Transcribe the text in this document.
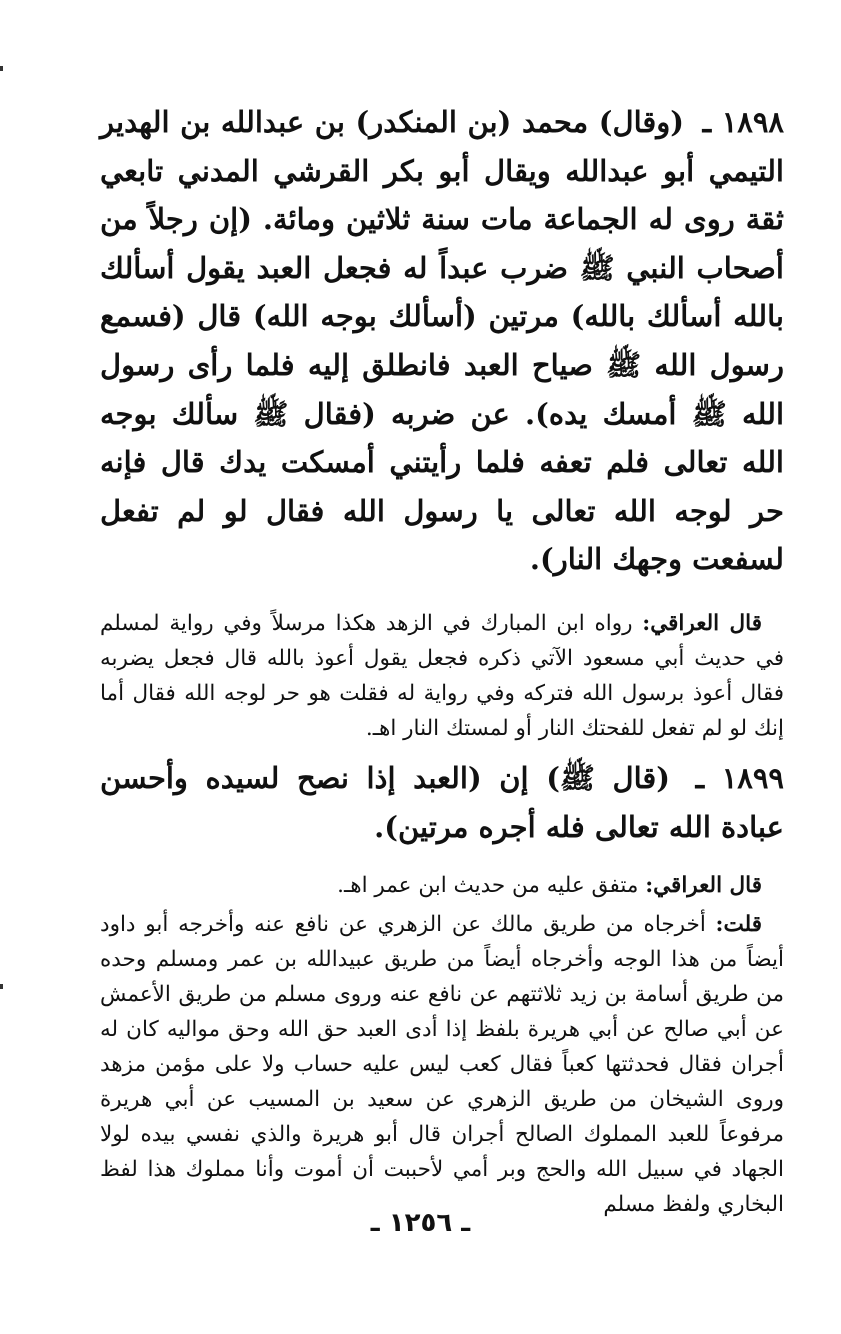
١٨٩٨ ـ (وقال) محمد (بن المنكدر) بن عبدالله بن الهدير التيمي أبو عبدالله ويقال أبو بكر القرشي المدني تابعي ثقة روى له الجماعة مات سنة ثلاثين ومائة. (إن رجلاً من أصحاب النبي ﷺ ضرب عبداً له فجعل العبد يقول أسألك بالله أسألك بالله) مرتين (أسألك بوجه الله) قال (فسمع رسول الله ﷺ صياح العبد فانطلق إليه فلما رأى رسول الله ﷺ أمسك يده). عن ضربه (فقال ﷺ سألك بوجه الله تعالى فلم تعفه فلما رأيتني أمسكت يدك قال فإنه حر لوجه الله تعالى يا رسول الله فقال لو لم تفعل لسفعت وجهك النار).

قال العراقي: رواه ابن المبارك في الزهد هكذا مرسلاً وفي رواية لمسلم في حديث أبي مسعود الآتي ذكره فجعل يقول أعوذ بالله قال فجعل يضربه فقال أعوذ برسول الله فتركه وفي رواية له فقلت هو حر لوجه الله فقال أما إنك لو لم تفعل للفحتك النار أو لمستك النار اهـ.

١٨٩٩ ـ (قال ﷺ) إن (العبد إذا نصح لسيده وأحسن عبادة الله تعالى فله أجره مرتين).

قال العراقي: متفق عليه من حديث ابن عمر اهـ.

قلت: أخرجاه من طريق مالك عن الزهري عن نافع عنه وأخرجه أبو داود أيضاً من هذا الوجه وأخرجاه أيضاً من طريق عبيدالله بن عمر ومسلم وحده من طريق أسامة بن زيد ثلاثتهم عن نافع عنه وروى مسلم من طريق الأعمش عن أبي صالح عن أبي هريرة بلفظ إذا أدى العبد حق الله وحق مواليه كان له أجران فقال فحدثتها كعباً فقال كعب ليس عليه حساب ولا على مؤمن مزهد وروى الشيخان من طريق الزهري عن سعيد بن المسيب عن أبي هريرة مرفوعاً للعبد المملوك الصالح أجران قال أبو هريرة والذي نفسي بيده لولا الجهاد في سبيل الله والحج وبر أمي لأحببت أن أموت وأنا مملوك هذا لفظ البخاري ولفظ مسلم

ـ ١٢٥٦ ـ
